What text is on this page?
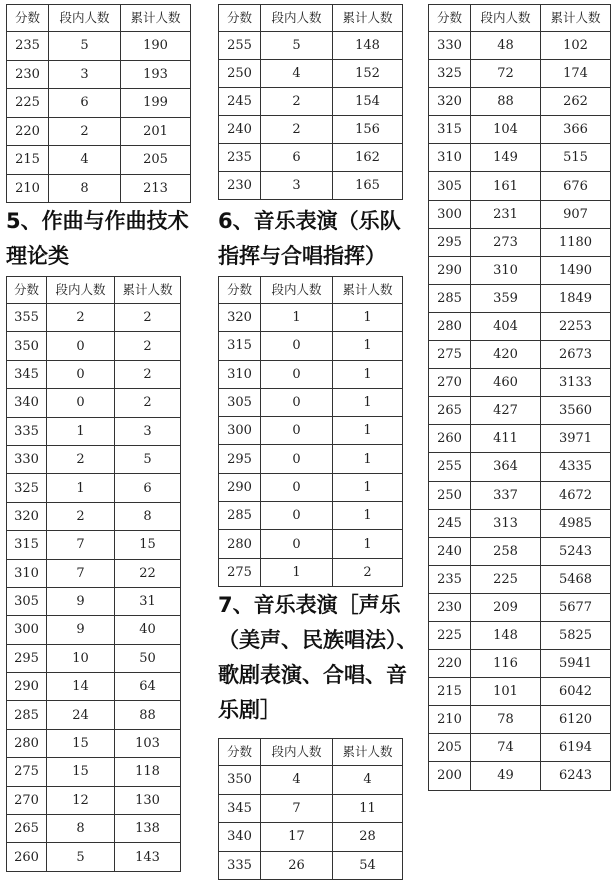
分数	段内人数	累计人数
235	5	190
230	3	193
225	6	199
220	2	201
215	4	205
210	8	213
分数	段内人数	累计人数
255	5	148
250	4	152
245	2	154
240	2	156
235	6	162
230	3	165
分数	段内人数	累计人数
330	48	102
325	72	174
320	88	262
315	104	366
310	149	515
305	161	676
300	231	907
295	273	1180
290	310	1490
285	359	1849
280	404	2253
275	420	2673
270	460	3133
265	427	3560
260	411	3971
255	364	4335
250	337	4672
245	313	4985
240	258	5243
235	225	5468
230	209	5677
225	148	5825
220	116	5941
215	101	6042
210	78	6120
205	74	6194
200	49	6243
5、作曲与作曲技术
理论类
分数	段内人数	累计人数
355	2	2
350	0	2
345	0	2
340	0	2
335	1	3
330	2	5
325	1	6
320	2	8
315	7	15
310	7	22
305	9	31
300	9	40
295	10	50
290	14	64
285	24	88
280	15	103
275	15	118
270	12	130
265	8	138
260	5	143
6、音乐表演（乐队
指挥与合唱指挥）
分数	段内人数	累计人数
320	1	1
315	0	1
310	0	1
305	0	1
300	0	1
295	0	1
290	0	1
285	0	1
280	0	1
275	1	2
7、音乐表演［声乐
（美声、民族唱法）、
歌剧表演、合唱、音
乐剧］
分数	段内人数	累计人数
350	4	4
345	7	11
340	17	28
335	26	54
